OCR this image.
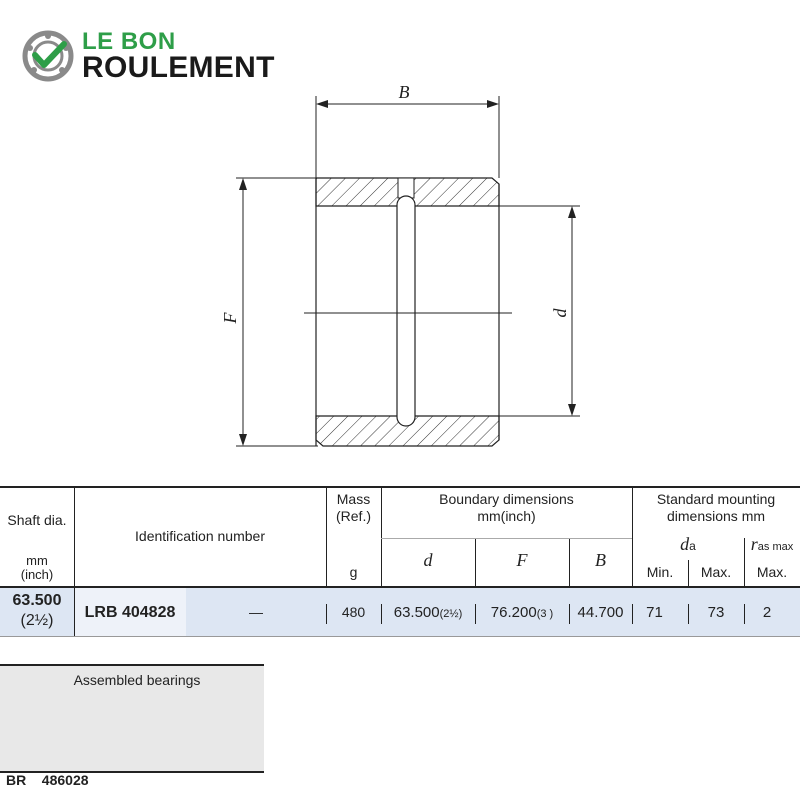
LE BON
ROULEMENT
B
F	d
Shaft dia.
mm
(inch)
Identification number
Mass (Ref.)
g
Boundary dimensions
mm(inch)
d	F	B
Standard mounting
dimensions mm
da	ras max
Min.	Max.	Max.
63.500
(2½)	LRB 404828	—	480	63.500(2½)	76.200(3 )	44.700	71	73	2
Assembled bearings
BR 486028
